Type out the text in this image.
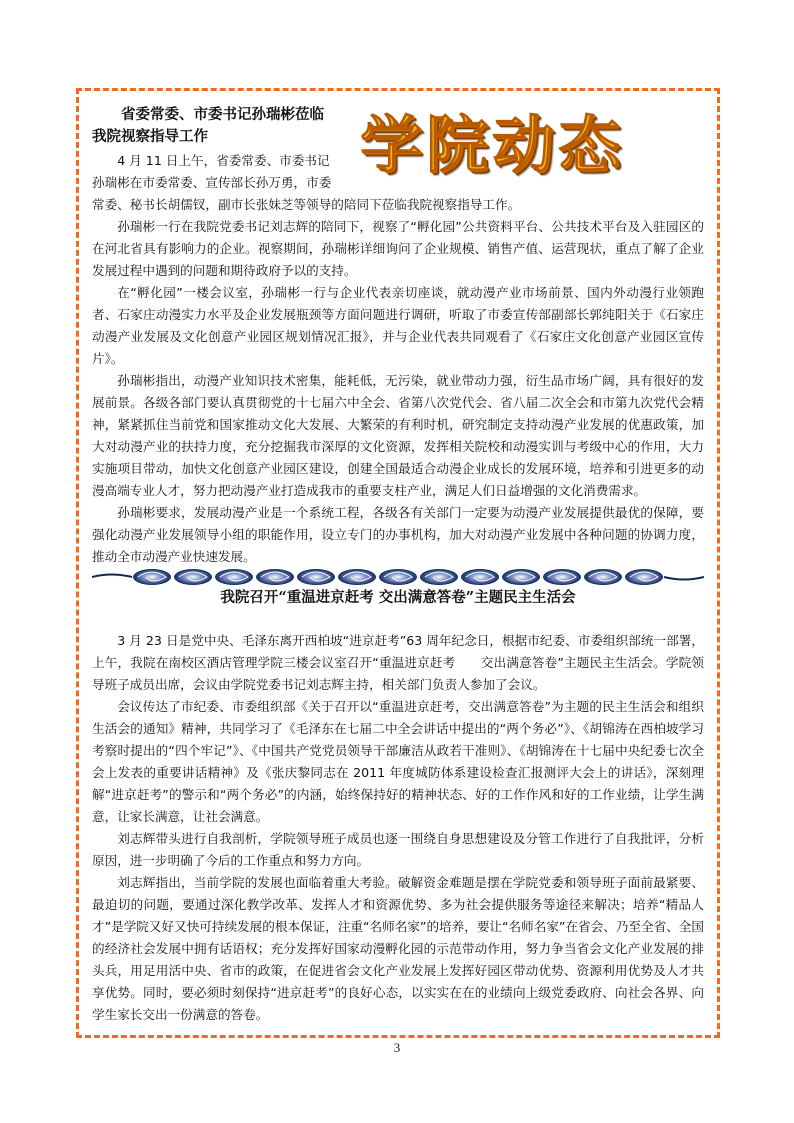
学院动态
省委常委、市委书记孙瑞彬莅临
我院视察指导工作
4 月 11 日上午，省委常委、市委书记
孙瑞彬在市委常委、宣传部长孙万勇，市委
常委、秘书长胡儒钗，副市长张妹芝等领导的陪同下莅临我院视察指导工作。

孙瑞彬一行在我院党委书记刘志辉的陪同下，视察了“孵化园”公共资料平台、公共技术平台及入驻园区的在河北省具有影响力的企业。视察期间，孙瑞彬详细询问了企业规模、销售产值、运营现状，重点了解了企业发展过程中遇到的问题和期待政府予以的支持。

在“孵化园”一楼会议室，孙瑞彬一行与企业代表亲切座谈，就动漫产业市场前景、国内外动漫行业领跑者、石家庄动漫实力水平及企业发展瓶颈等方面问题进行调研，听取了市委宣传部副部长郭纯阳关于《石家庄动漫产业发展及文化创意产业园区规划情况汇报》，并与企业代表共同观看了《石家庄文化创意产业园区宣传片》。

孙瑞彬指出，动漫产业知识技术密集，能耗低，无污染，就业带动力强，衍生品市场广阔，具有很好的发展前景。各级各部门要认真贯彻党的十七届六中全会、省第八次党代会、省八届二次全会和市第九次党代会精神，紧紧抓住当前党和国家推动文化大发展、大繁荣的有利时机，研究制定支持动漫产业发展的优惠政策，加大对动漫产业的扶持力度，充分挖掘我市深厚的文化资源，发挥相关院校和动漫实训与考级中心的作用，大力实施项目带动，加快文化创意产业园区建设，创建全国最适合动漫企业成长的发展环境，培养和引进更多的动漫高端专业人才，努力把动漫产业打造成我市的重要支柱产业，满足人们日益增强的文化消费需求。

孙瑞彬要求，发展动漫产业是一个系统工程，各级各有关部门一定要为动漫产业发展提供最优的保障，要强化动漫产业发展领导小组的职能作用，设立专门的办事机构，加大对动漫产业发展中各种问题的协调力度，推动全市动漫产业快速发展。

我院召开“重温进京赶考 交出满意答卷”主题民主生活会

3 月 23 日是党中央、毛泽东离开西柏坡“进京赶考”63 周年纪念日，根据市纪委、市委组织部统一部署，上午，我院在南校区酒店管理学院三楼会议室召开“重温进京赶考　　交出满意答卷”主题民主生活会。学院领导班子成员出席，会议由学院党委书记刘志辉主持，相关部门负责人参加了会议。

会议传达了市纪委、市委组织部《关于召开以“重温进京赶考，交出满意答卷”为主题的民主生活会和组织生活会的通知》精神，共同学习了《毛泽东在七届二中全会讲话中提出的“两个务必”》、《胡锦涛在西柏坡学习考察时提出的“四个牢记”》、《中国共产党党员领导干部廉洁从政若干准则》、《胡锦涛在十七届中央纪委七次全会上发表的重要讲话精神》及《张庆黎同志在 2011 年度城防体系建设检查汇报测评大会上的讲话》，深刻理解“进京赶考”的警示和“两个务必”的内涵，始终保持好的精神状态、好的工作作风和好的工作业绩，让学生满意，让家长满意，让社会满意。

刘志辉带头进行自我剖析，学院领导班子成员也逐一围绕自身思想建设及分管工作进行了自我批评，分析原因，进一步明确了今后的工作重点和努力方向。

刘志辉指出，当前学院的发展也面临着重大考验。破解资金难题是摆在学院党委和领导班子面前最紧要、最迫切的问题，要通过深化教学改革、发挥人才和资源优势、多为社会提供服务等途径来解决；培养“精品人才”是学院又好又快可持续发展的根本保证，注重“名师名家”的培养，要让“名师名家”在省会、乃至全省、全国的经济社会发展中拥有话语权；充分发挥好国家动漫孵化园的示范带动作用，努力争当省会文化产业发展的排头兵，用足用活中央、省市的政策，在促进省会文化产业发展上发挥好园区带动优势、资源利用优势及人才共享优势。同时，要必须时刻保持“进京赶考”的良好心态，以实实在在的业绩向上级党委政府、向社会各界、向学生家长交出一份满意的答卷。

3
